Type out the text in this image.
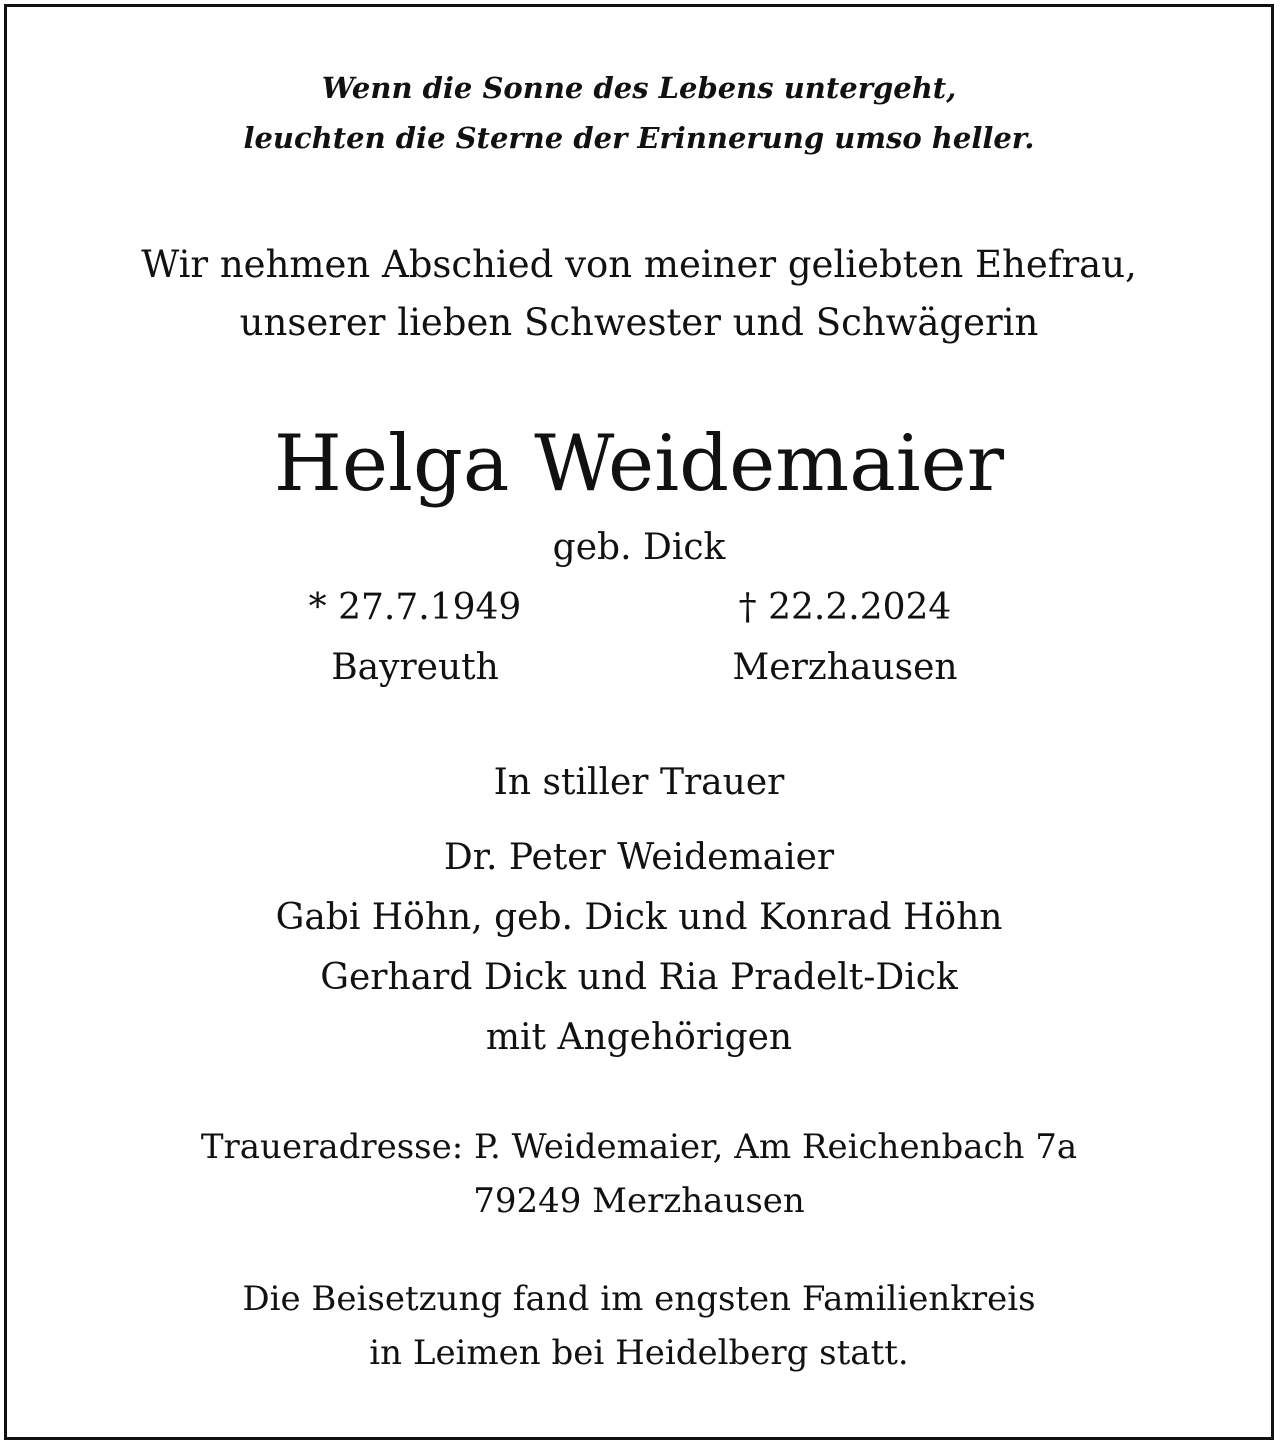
Wenn die Sonne des Lebens untergeht,
leuchten die Sterne der Erinnerung umso heller.
Wir nehmen Abschied von meiner geliebten Ehefrau,
unserer lieben Schwester und Schwägerin
Helga Weidemaier
geb. Dick
* 27.7.1949
Bayreuth
† 22.2.2024
Merzhausen
In stiller Trauer
Dr. Peter Weidemaier
Gabi Höhn, geb. Dick und Konrad Höhn
Gerhard Dick und Ria Pradelt-Dick
mit Angehörigen
Traueradresse: P. Weidemaier, Am Reichenbach 7a
79249 Merzhausen
Die Beisetzung fand im engsten Familienkreis
in Leimen bei Heidelberg statt.
